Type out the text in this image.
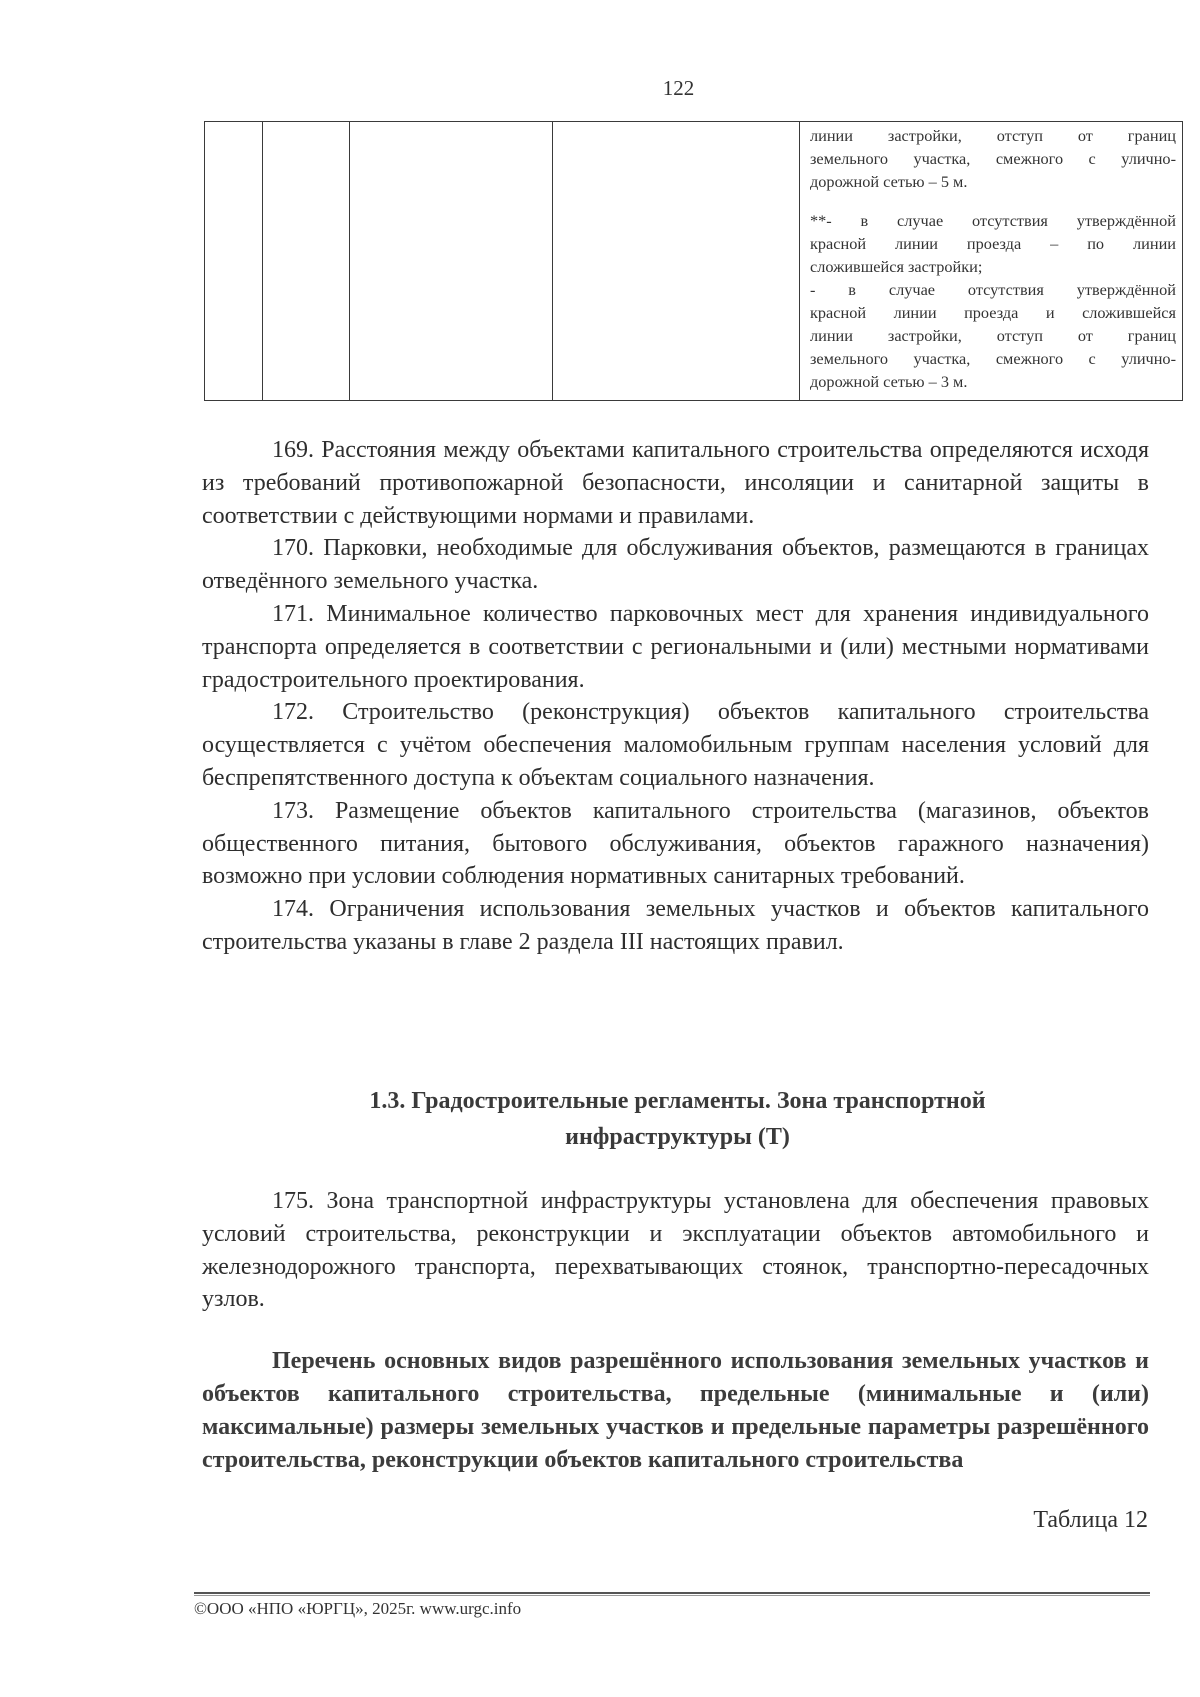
122

линии застройки, отступ от границ

земельного участка, смежного с улично-

дорожной сетью – 5 м.

**- в случае отсутствия утверждённой

красной линии проезда – по линии

сложившейся застройки;

- в случае отсутствия утверждённой

красной линии проезда и сложившейся

линии застройки, отступ от границ

земельного участка, смежного с улично-

дорожной сетью – 3 м.

169. Расстояния между объектами капитального строительства определяются исходя из требований противопожарной безопасности, инсоляции и санитарной защиты в соответствии с действующими нормами и правилами.

170. Парковки, необходимые для обслуживания объектов, размещаются в границах отведённого земельного участка.

171. Минимальное количество парковочных мест для хранения индивидуального транспорта определяется в соответствии с региональными и (или) местными нормативами градостроительного проектирования.

172. Строительство (реконструкция) объектов капитального строительства осуществляется с учётом обеспечения маломобильным группам населения условий для беспрепятственного доступа к объектам социального назначения.

173. Размещение объектов капитального строительства (магазинов, объектов общественного питания, бытового обслуживания, объектов гаражного назначения) возможно при условии соблюдения нормативных санитарных требований.

174. Ограничения использования земельных участков и объектов капитального строительства указаны в главе 2 раздела III настоящих правил.

1.3. Градостроительные регламенты. Зона транспортной инфраструктуры (Т)

175. Зона транспортной инфраструктуры установлена для обеспечения правовых условий строительства, реконструкции и эксплуатации объектов автомобильного и железнодорожного транспорта, перехватывающих стоянок, транспортно-пересадочных узлов.

Перечень основных видов разрешённого использования земельных участков и объектов капитального строительства, предельные (минимальные и (или) максимальные) размеры земельных участков и предельные параметры разрешённого строительства, реконструкции объектов капитального строительства

Таблица 12
©ООО «НПО «ЮРГЦ», 2025г. www.urgc.info
